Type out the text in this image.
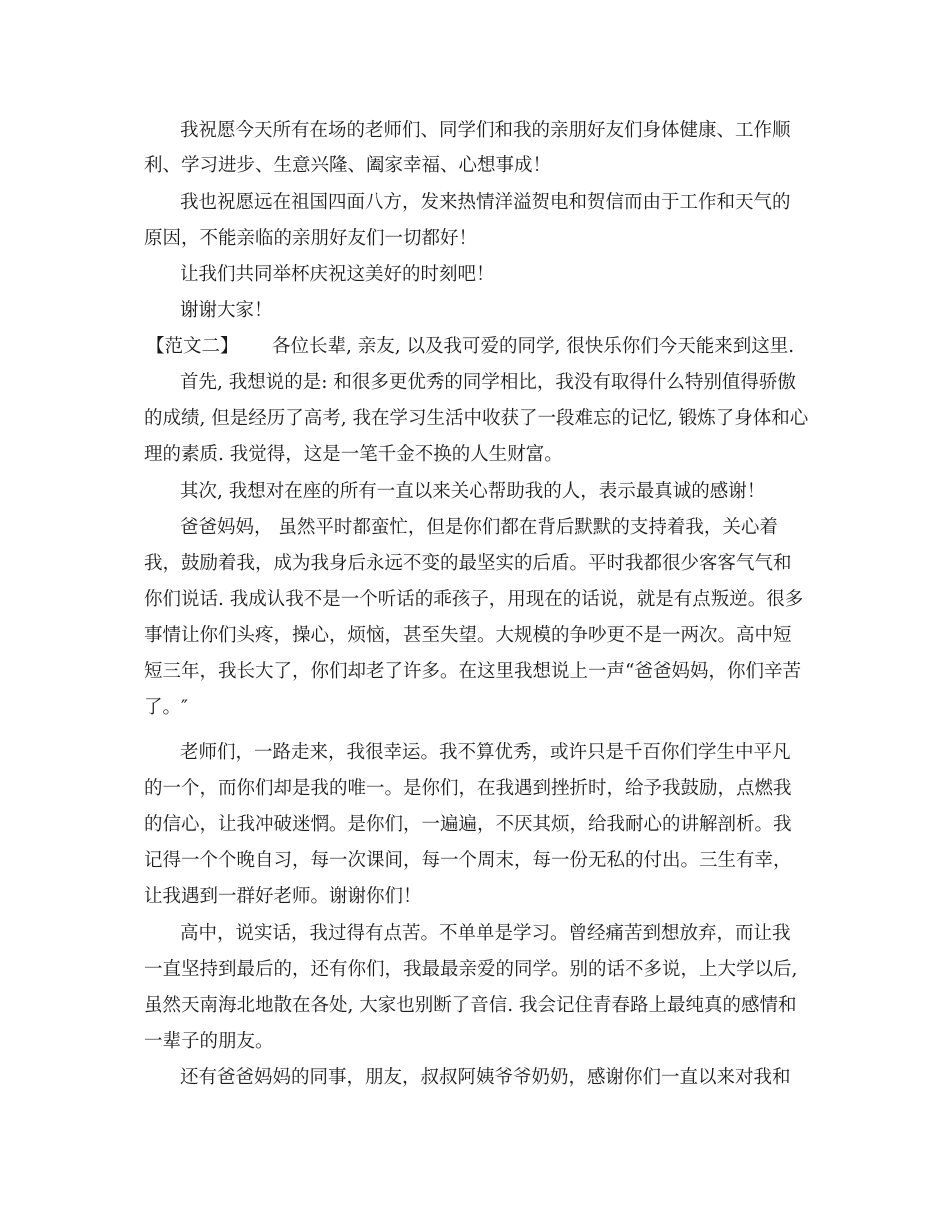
我祝愿今天所有在场的老师们、同学们和我的亲朋好友们身体健康、工作顺
利、学习进步、生意兴隆、阖家幸福、心想事成！
我也祝愿远在祖国四面八方，发来热情洋溢贺电和贺信而由于工作和天气的
原因，不能亲临的亲朋好友们一切都好！
让我们共同举杯庆祝这美好的时刻吧！
谢谢大家！
【范文二】 各位长辈, 亲友, 以及我可爱的同学, 很快乐你们今天能来到这里.
首先, 我想说的是: 和很多更优秀的同学相比，我没有取得什么特别值得骄傲
的成绩, 但是经历了高考, 我在学习生活中收获了一段难忘的记忆, 锻炼了身体和心
理的素质. 我觉得，这是一笔千金不换的人生财富。
其次, 我想对在座的所有一直以来关心帮助我的人，表示最真诚的感谢！
爸爸妈妈， 虽然平时都蛮忙，但是你们都在背后默默的支持着我，关心着
我，鼓励着我，成为我身后永远不变的最坚实的后盾。平时我都很少客客气气和
你们说话. 我成认我不是一个听话的乖孩子，用现在的话说，就是有点叛逆。很多
事情让你们头疼，操心，烦恼，甚至失望。大规模的争吵更不是一两次。高中短
短三年，我长大了，你们却老了许多。在这里我想说上一声“爸爸妈妈，你们辛苦
了。″
老师们，一路走来，我很幸运。我不算优秀，或许只是千百你们学生中平凡
的一个，而你们却是我的唯一。是你们，在我遇到挫折时，给予我鼓励，点燃我
的信心，让我冲破迷惘。是你们，一遍遍，不厌其烦，给我耐心的讲解剖析。我
记得一个个晚自习，每一次课间，每一个周末，每一份无私的付出。三生有幸，
让我遇到一群好老师。谢谢你们！
高中，说实话，我过得有点苦。不单单是学习。曾经痛苦到想放弃，而让我
一直坚持到最后的，还有你们，我最最亲爱的同学。别的话不多说，上大学以后,
虽然天南海北地散在各处, 大家也别断了音信. 我会记住青春路上最纯真的感情和
一辈子的朋友。
还有爸爸妈妈的同事，朋友，叔叔阿姨爷爷奶奶，感谢你们一直以来对我和
